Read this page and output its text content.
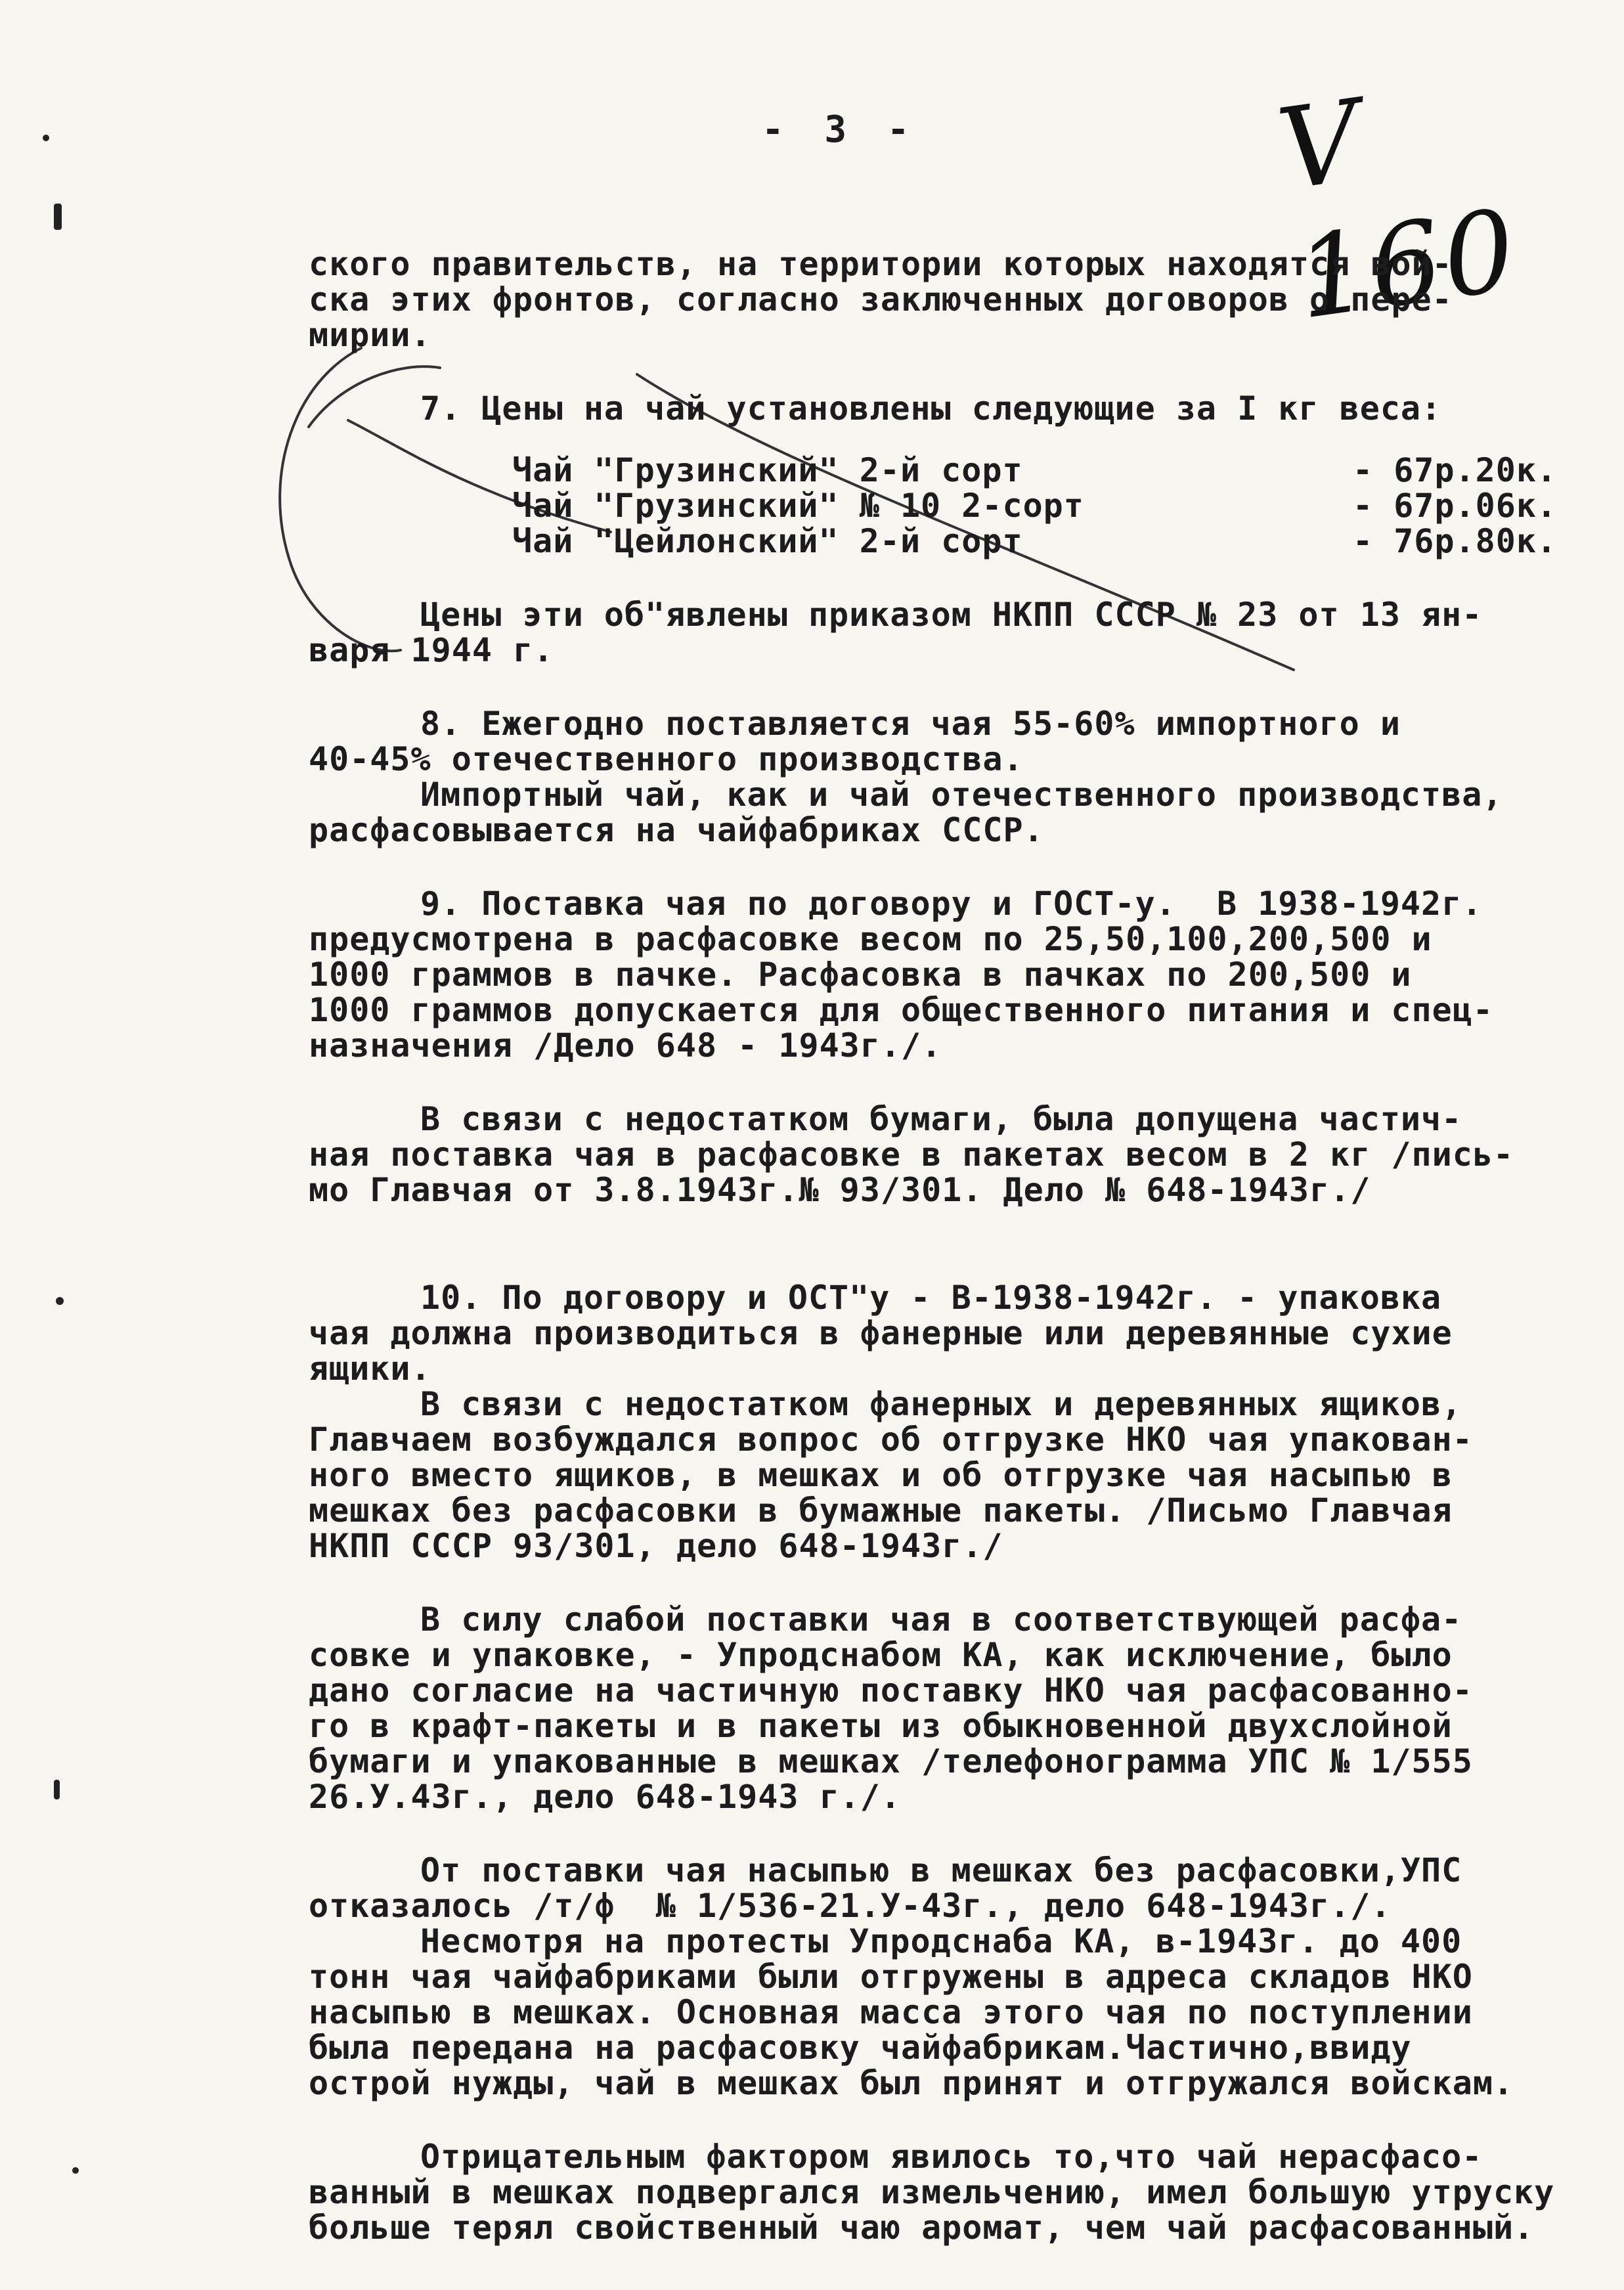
- 3 -	V 160
ского правительств, на территории которых находятся вой-
ска этих фронтов, согласно заключенных договоров о пере-
мирии.
7. Цены на чай установлены следующие за I кг веса:
Чай "Грузинский" 2-й сорт	- 67р.20к.
Чай "Грузинский" № 10 2-сорт	- 67р.06к.
Чай "Цейлонский" 2-й сорт	- 76р.80к.
Цены эти об"явлены приказом НКПП СССР № 23 от 13 ян-
варя 1944 г.
8. Ежегодно поставляется чая 55-60% импортного и
40-45% отечественного производства.
Импортный чай, как и чай отечественного производства,
расфасовывается на чайфабриках СССР.
9. Поставка чая по договору и ГОСТ-у.  В 1938-1942г.
предусмотрена в расфасовке весом по 25,50,100,200,500 и
1000 граммов в пачке. Расфасовка в пачках по 200,500 и
1000 граммов допускается для общественного питания и спец-
назначения /Дело 648 - 1943г./.
В связи с недостатком бумаги, была допущена частич-
ная поставка чая в расфасовке в пакетах весом в 2 кг /пись-
мо Главчая от 3.8.1943г.№ 93/301. Дело № 648-1943г./
10. По договору и ОСТ"у - В-1938-1942г. - упаковка
чая должна производиться в фанерные или деревянные сухие
ящики.
В связи с недостатком фанерных и деревянных ящиков,
Главчаем возбуждался вопрос об отгрузке НКО чая упакован-
ного вместо ящиков, в мешках и об отгрузке чая насыпью в
мешках без расфасовки в бумажные пакеты. /Письмо Главчая
НКПП СССР 93/301, дело 648-1943г./
В силу слабой поставки чая в соответствующей расфа-
совке и упаковке, - Упродснабом КА, как исключение, было
дано согласие на частичную поставку НКО чая расфасованно-
го в крафт-пакеты и в пакеты из обыкновенной двухслойной
бумаги и упакованные в мешках /телефонограмма УПС № 1/555
26.У.43г., дело 648-1943 г./.
От поставки чая насыпью в мешках без расфасовки,УПС
отказалось /т/ф  № 1/536-21.У-43г., дело 648-1943г./.
Несмотря на протесты Упродснаба КА, в-1943г. до 400
тонн чая чайфабриками были отгружены в адреса складов НКО
насыпью в мешках. Основная масса этого чая по поступлении
была передана на расфасовку чайфабрикам.Частично,ввиду
острой нужды, чай в мешках был принят и отгружался войскам.
Отрицательным фактором явилось то,что чай нерасфасо-
ванный в мешках подвергался измельчению, имел большую утруску
больше терял свойственный чаю аромат, чем чай расфасованный.
